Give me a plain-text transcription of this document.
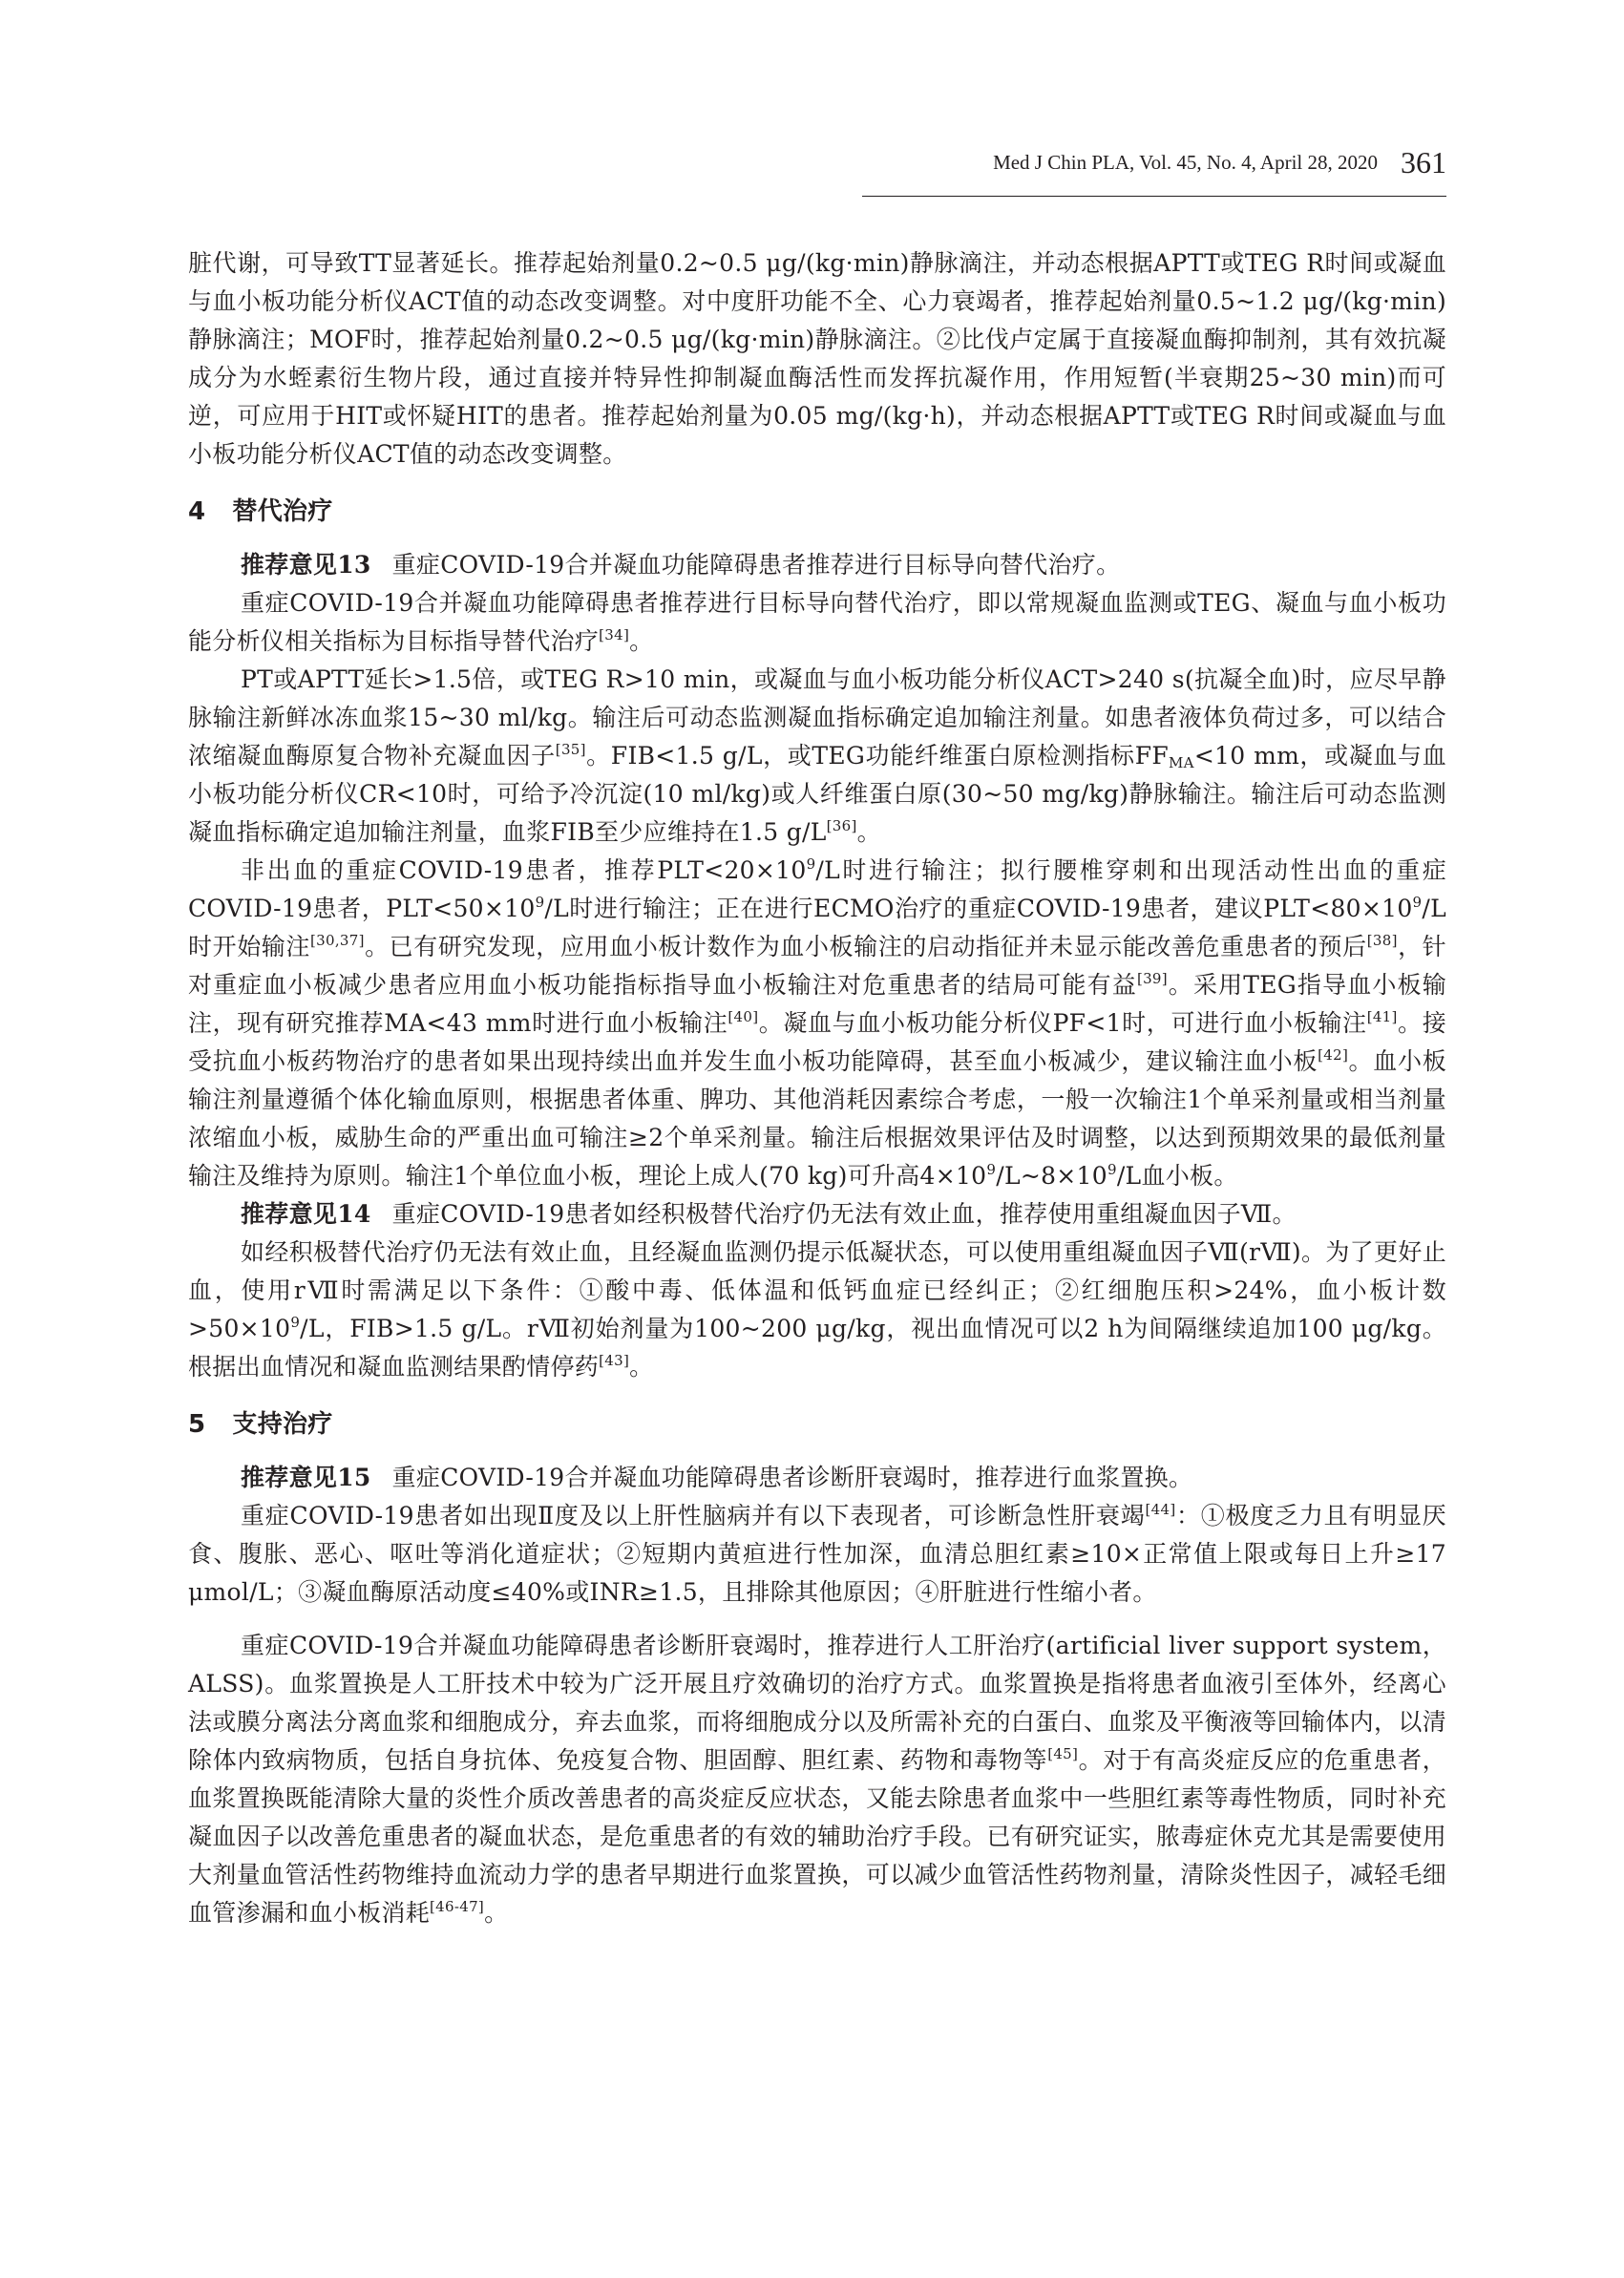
Med J Chin PLA, Vol. 45, No. 4, April 28, 2020 361

脏代谢，可导致TT显著延长。推荐起始剂量0.2~0.5 μg/(kg·min)静脉滴注，并动态根据APTT或TEG R时间或凝血与血小板功能分析仪ACT值的动态改变调整。对中度肝功能不全、心力衰竭者，推荐起始剂量0.5~1.2 μg/(kg·min)静脉滴注；MOF时，推荐起始剂量0.2~0.5 μg/(kg·min)静脉滴注。②比伐卢定属于直接凝血酶抑制剂，其有效抗凝成分为水蛭素衍生物片段，通过直接并特异性抑制凝血酶活性而发挥抗凝作用，作用短暂(半衰期25~30 min)而可逆，可应用于HIT或怀疑HIT的患者。推荐起始剂量为0.05 mg/(kg·h)，并动态根据APTT或TEG R时间或凝血与血小板功能分析仪ACT值的动态改变调整。

4 替代治疗

推荐意见13 重症COVID-19合并凝血功能障碍患者推荐进行目标导向替代治疗。

重症COVID-19合并凝血功能障碍患者推荐进行目标导向替代治疗，即以常规凝血监测或TEG、凝血与血小板功能分析仪相关指标为目标指导替代治疗[34]。

PT或APTT延长>1.5倍，或TEG R>10 min，或凝血与血小板功能分析仪ACT>240 s(抗凝全血)时，应尽早静脉输注新鲜冰冻血浆15~30 ml/kg。输注后可动态监测凝血指标确定追加输注剂量。如患者液体负荷过多，可以结合浓缩凝血酶原复合物补充凝血因子[35]。FIB<1.5 g/L，或TEG功能纤维蛋白原检测指标$FF_{MA}<10$ mm，或凝血与血小板功能分析仪CR<10时，可给予冷沉淀(10 ml/kg)或人纤维蛋白原(30~50 mg/kg)静脉输注。输注后可动态监测凝血指标确定追加输注剂量，血浆FIB至少应维持在1.5 g/L[36]。

非出血的重症COVID-19患者，推荐$PLT<20\times 10^9/L$时进行输注；拟行腰椎穿刺和出现活动性出血的重症COVID-19患者，$PLT<50\times 10^9/L$时进行输注；正在进行ECMO治疗的重症COVID-19患者，建议$PLT<80\times 10^9/L$时开始输注[30,37]。已有研究发现，应用血小板计数作为血小板输注的启动指征并未显示能改善危重患者的预后[38]，针对重症血小板减少患者应用血小板功能指标指导血小板输注对危重患者的结局可能有益[39]。采用TEG指导血小板输注，现有研究推荐MA<43 mm时进行血小板输注[40]。凝血与血小板功能分析仪PF<1时，可进行血小板输注[41]。接受抗血小板药物治疗的患者如果出现持续出血并发生血小板功能障碍，甚至血小板减少，建议输注血小板[42]。血小板输注剂量遵循个体化输血原则，根据患者体重、脾功、其他消耗因素综合考虑，一般一次输注1个单采剂量或相当剂量浓缩血小板，威胁生命的严重出血可输注≥2个单采剂量。输注后根据效果评估及时调整，以达到预期效果的最低剂量输注及维持为原则。输注1个单位血小板，理论上成人(70 kg)可升高$4\times 10^9/L\sim 8\times 10^9/L$血小板。

推荐意见14 重症COVID-19患者如经积极替代治疗仍无法有效止血，推荐使用重组凝血因子Ⅶ。

如经积极替代治疗仍无法有效止血，且经凝血监测仍提示低凝状态，可以使用重组凝血因子Ⅶ(rⅦ)。为了更好止血，使用rⅦ时需满足以下条件：①酸中毒、低体温和低钙血症已经纠正；②红细胞压积>24%，血小板计数$>50\times 10^9/L$，FIB>1.5 g/L。rⅦ初始剂量为100~200 μg/kg，视出血情况可以2 h为间隔继续追加100 μg/kg。根据出血情况和凝血监测结果酌情停药[43]。

5 支持治疗

推荐意见15 重症COVID-19合并凝血功能障碍患者诊断肝衰竭时，推荐进行血浆置换。

重症COVID-19患者如出现Ⅱ度及以上肝性脑病并有以下表现者，可诊断急性肝衰竭[44]：①极度乏力且有明显厌食、腹胀、恶心、呕吐等消化道症状；②短期内黄疸进行性加深，血清总胆红素≥10×正常值上限或每日上升≥17 μmol/L；③凝血酶原活动度≤40%或INR≥1.5，且排除其他原因；④肝脏进行性缩小者。

重症COVID-19合并凝血功能障碍患者诊断肝衰竭时，推荐进行人工肝治疗(artificial liver support system，ALSS)。血浆置换是人工肝技术中较为广泛开展且疗效确切的治疗方式。血浆置换是指将患者血液引至体外，经离心法或膜分离法分离血浆和细胞成分，弃去血浆，而将细胞成分以及所需补充的白蛋白、血浆及平衡液等回输体内，以清除体内致病物质，包括自身抗体、免疫复合物、胆固醇、胆红素、药物和毒物等[45]。对于有高炎症反应的危重患者，血浆置换既能清除大量的炎性介质改善患者的高炎症反应状态，又能去除患者血浆中一些胆红素等毒性物质，同时补充凝血因子以改善危重患者的凝血状态，是危重患者的有效的辅助治疗手段。已有研究证实，脓毒症休克尤其是需要使用大剂量血管活性药物维持血流动力学的患者早期进行血浆置换，可以减少血管活性药物剂量，清除炎性因子，减轻毛细血管渗漏和血小板消耗[46-47]。
